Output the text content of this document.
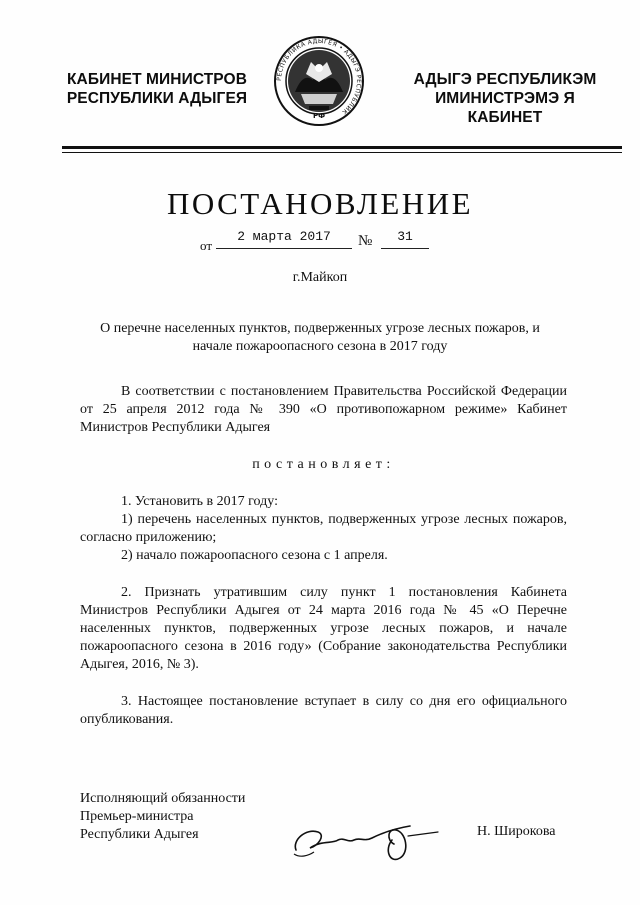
КАБИНЕТ МИНИСТРОВ
РЕСПУБЛИКИ АДЫГЕЯ
РЕСПУБЛИКА АДЫГЕЯ • АДЫГЭ РЕСПУБЛИК
РФ
АДЫГЭ РЕСПУБЛИКЭМ
ИМИНИСТРЭМЭ Я КАБИНЕТ
ПОСТАНОВЛЕНИЕ
от
2 марта 2017	№	31
г.Майкоп
О перечне населенных пунктов, подверженных угрозе лесных пожаров, и
начале пожароопасного сезона в 2017 году

В соответствии с постановлением Правительства Российской Федерации от 25 апреля 2012 года № 390 «О противопожарном режиме» Кабинет Министров Республики Адыгея

постановляет:

1. Установить в 2017 году:

1) перечень населенных пунктов, подверженных угрозе лесных пожаров, согласно приложению;

2) начало пожароопасного сезона с 1 апреля.

2. Признать утратившим силу пункт 1 постановления Кабинета Министров Республики Адыгея от 24 марта 2016 года № 45 «О Перечне населенных пунктов, подверженных угрозе лесных пожаров, и начале пожароопасного сезона в 2016 году» (Собрание законодательства Республики Адыгея, 2016, № 3).

3. Настоящее постановление вступает в силу со дня его официального опубликования.

Исполняющий обязанности
Премьер-министра
Республики Адыгея	Н. Широкова
